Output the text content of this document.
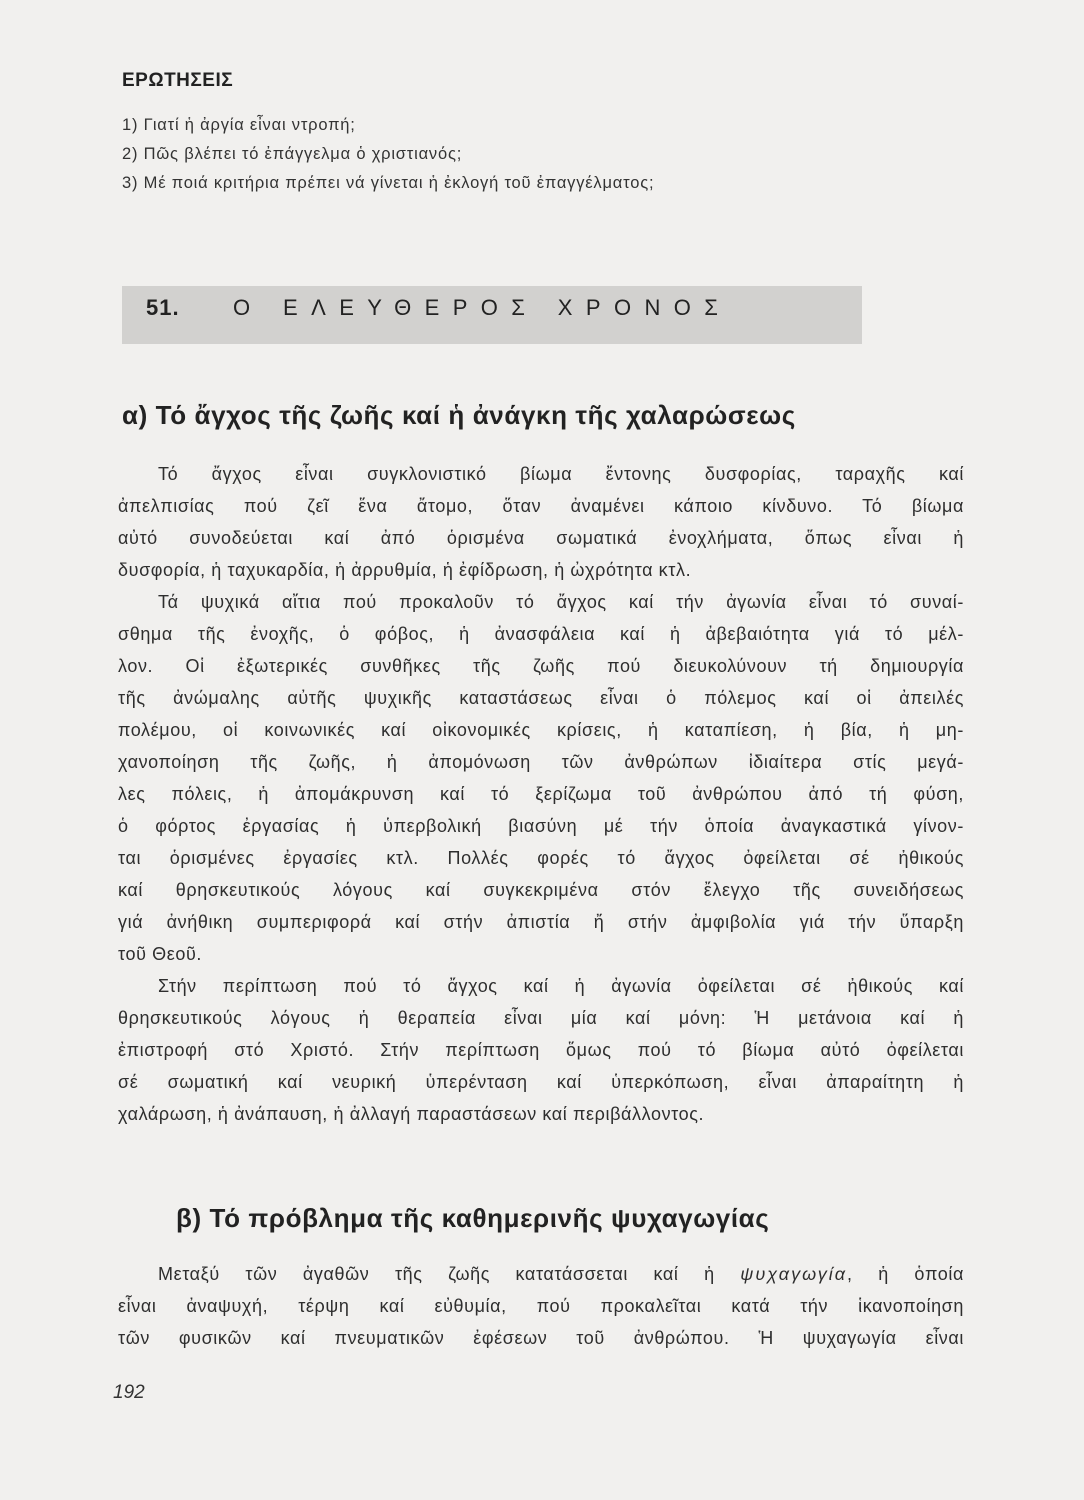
ΕΡΩΤΗΣΕΙΣ
1) Γιατί ἡ ἀργία εἶναι ντροπή;
2) Πῶς βλέπει τό ἐπάγγελμα ὁ χριστιανός;
3) Μέ ποιά κριτήρια πρέπει νά γίνεται ἡ ἐκλογή τοῦ ἐπαγγέλματος;
51. Ο ΕΛΕΥΘΕΡΟΣ ΧΡΟΝΟΣ
α) Τό ἄγχος τῆς ζωῆς καί ἡ ἀνάγκη τῆς χαλαρώσεως
Τό ἄγχος εἶναι συγκλονιστικό βίωμα ἔντονης δυσφορίας, ταραχῆς καί
ἀπελπισίας πού ζεῖ ἕνα ἄτομο, ὅταν ἀναμένει κάποιο κίνδυνο. Τό βίωμα
αὐτό συνοδεύεται καί ἀπό ὁρισμένα σωματικά ἐνοχλήματα, ὅπως εἶναι ἡ
δυσφορία, ἡ ταχυκαρδία, ἡ ἀρρυθμία, ἡ ἐφίδρωση, ἡ ὠχρότητα κτλ.
Τά ψυχικά αἴτια πού προκαλοῦν τό ἄγχος καί τήν ἀγωνία εἶναι τό συναί-
σθημα τῆς ἐνοχῆς, ὁ φόβος, ἡ ἀνασφάλεια καί ἡ ἀβεβαιότητα γιά τό μέλ-
λον. Οἱ ἐξωτερικές συνθῆκες τῆς ζωῆς πού διευκολύνουν τή δημιουργία
τῆς ἀνώμαλης αὐτῆς ψυχικῆς καταστάσεως εἶναι ὁ πόλεμος καί οἱ ἀπειλές
πολέμου, οἱ κοινωνικές καί οἰκονομικές κρίσεις, ἡ καταπίεση, ἡ βία, ἡ μη-
χανοποίηση τῆς ζωῆς, ἡ ἀπομόνωση τῶν ἀνθρώπων ἰδιαίτερα στίς μεγά-
λες πόλεις, ἡ ἀπομάκρυνση καί τό ξερίζωμα τοῦ ἀνθρώπου ἀπό τή φύση,
ὁ φόρτος ἐργασίας ἡ ὑπερβολική βιασύνη μέ τήν ὁποία ἀναγκαστικά γίνον-
ται ὁρισμένες ἐργασίες κτλ. Πολλές φορές τό ἄγχος ὀφείλεται σέ ἠθικούς
καί θρησκευτικούς λόγους καί συγκεκριμένα στόν ἔλεγχο τῆς συνειδήσεως
γιά ἀνήθικη συμπεριφορά καί στήν ἀπιστία ἤ στήν ἀμφιβολία γιά τήν ὕπαρξη
τοῦ Θεοῦ.
Στήν περίπτωση πού τό ἄγχος καί ἡ ἀγωνία ὀφείλεται σέ ἠθικούς καί
θρησκευτικούς λόγους ἡ θεραπεία εἶναι μία καί μόνη: Ἡ μετάνοια καί ἡ
ἐπιστροφή στό Χριστό. Στήν περίπτωση ὅμως πού τό βίωμα αὐτό ὀφείλεται
σέ σωματική καί νευρική ὑπερένταση καί ὑπερκόπωση, εἶναι ἀπαραίτητη ἡ
χαλάρωση, ἡ ἀνάπαυση, ἡ ἀλλαγή παραστάσεων καί περιβάλλοντος.
β) Τό πρόβλημα τῆς καθημερινῆς ψυχαγωγίας
Μεταξύ τῶν ἀγαθῶν τῆς ζωῆς κατατάσσεται καί ἡ ψυχαγωγία, ἡ ὁποία
εἶναι ἀναψυχή, τέρψη καί εὐθυμία, πού προκαλεῖται κατά τήν ἱκανοποίηση
τῶν φυσικῶν καί πνευματικῶν ἐφέσεων τοῦ ἀνθρώπου. Ἡ ψυχαγωγία εἶναι
192
